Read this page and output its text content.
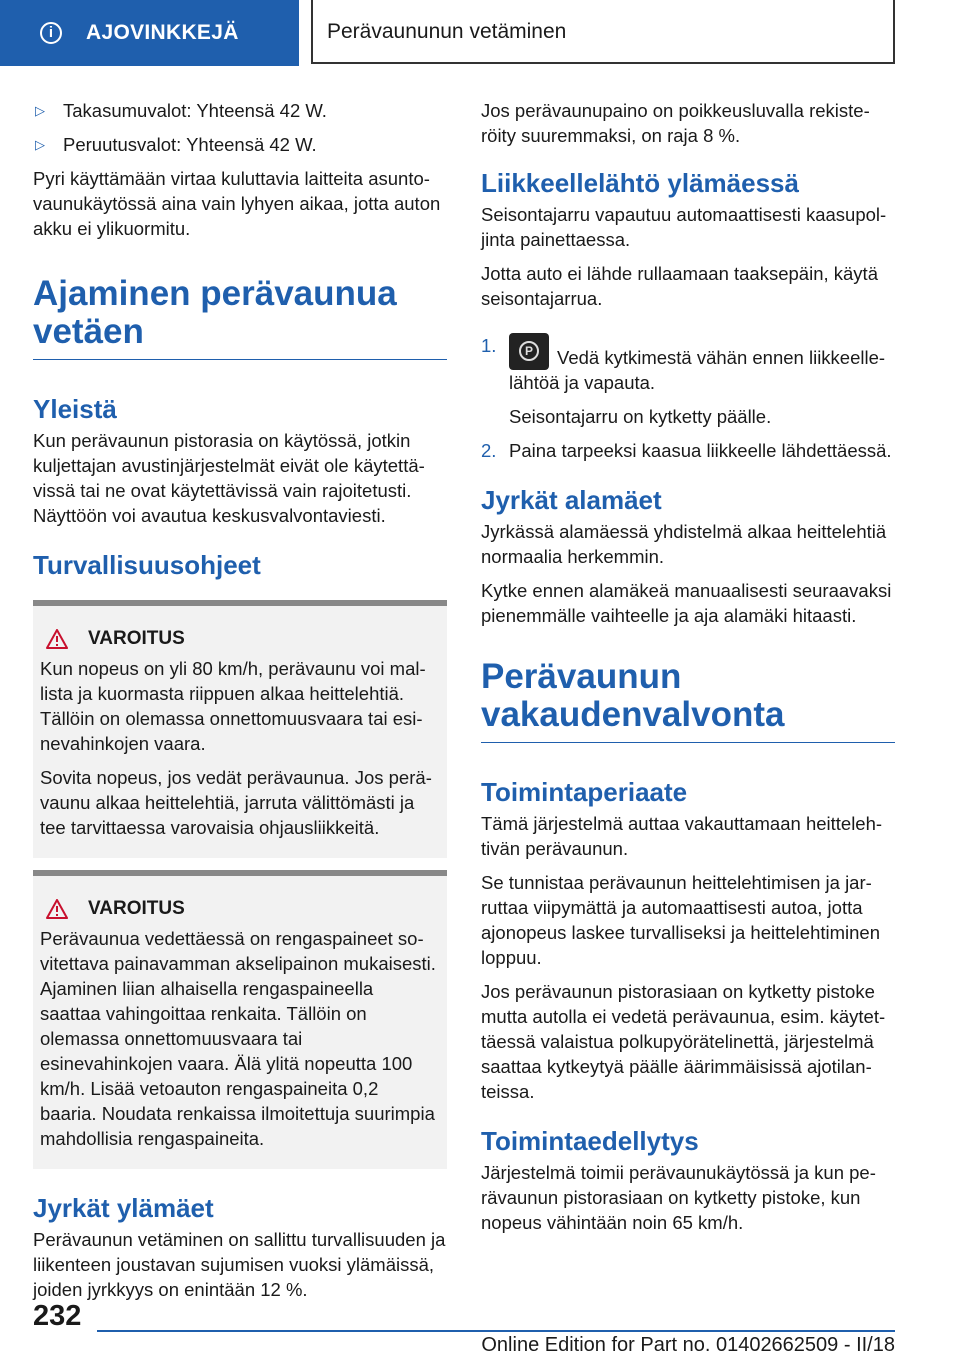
i	AJOVINKKEJÄ	Perävaununun vetäminen
▷ Takasumuvalot: Yhteensä 42 W.
▷ Peruutusvalot: Yhteensä 42 W.

Pyri käyttämään virtaa kuluttavia laitteita asuntovaunukäytössä aina vain lyhyen aikaa, jotta auton akku ei ylikuormitu.

Ajaminen perävaunua vetäen
Yleistä

Kun perävaunun pistorasia on käytössä, jotkin kuljettajan avustinjärjestelmät eivät ole käytettävissä tai ne ovat käytettävissä vain rajoitetusti. Näyttöön voi avautua keskusvalvontaviesti.

Turvallisuusohjeet
VAROITUS

Kun nopeus on yli 80 km/h, perävaunu voi mallista ja kuormasta riippuen alkaa heittelehtiä. Tällöin on olemassa onnettomuusvaara tai esinevahinkojen vaara.

Sovita nopeus, jos vedät perävaunua. Jos perävaunu alkaa heittelehtiä, jarruta välittömästi ja tee tarvittaessa varovaisia ohjausliikkeitä.

VAROITUS

Perävaunua vedettäessä on rengaspaineet sovitettava painavamman akselipainon mukaisesti. Ajaminen liian alhaisella rengaspaineella saattaa vahingoittaa renkaita. Tällöin on olemassa onnettomuusvaara tai esinevahinkojen vaara. Älä ylitä nopeutta 100 km/h. Lisää vetoauton rengaspaineita 0,2 baaria. Noudata renkaissa ilmoitettuja suurimpia mahdollisia rengaspaineita.

Jyrkät ylämäet

Perävaunun vetäminen on sallittu turvallisuuden ja liikenteen joustavan sujumisen vuoksi ylämäissä, joiden jyrkkyys on enintään 12 %.

Jos perävaunupaino on poikkeusluvalla rekisteröity suuremmaksi, on raja 8 %.

Liikkeellelähtö ylämäessä

Seisontajarru vapautuu automaattisesti kaasupoljinta painettaessa.

Jotta auto ei lähde rullaamaan taaksepäin, käytä seisontajarrua.

1.	P	Vedä kytkimestä vähän ennen liikkeellelähtöä ja vapauta.

Seisontajarru on kytketty päälle.

2. Paina tarpeeksi kaasua liikkeelle lähdettäessä.
Jyrkät alamäet

Jyrkässä alamäessä yhdistelmä alkaa heittelehtiä normaalia herkemmin.

Kytke ennen alamäkeä manuaalisesti seuraavaksi pienemmälle vaihteelle ja aja alamäki hitaasti.

Perävaunun vakaudenvalvonta
Toimintaperiaate

Tämä järjestelmä auttaa vakauttamaan heittelehtivän perävaunun.

Se tunnistaa perävaunun heittelehtimisen ja jarruttaa viipymättä ja automaattisesti autoa, jotta ajonopeus laskee turvalliseksi ja heittelehtiminen loppuu.

Jos perävaunun pistorasiaan on kytketty pistoke mutta autolla ei vedetä perävaunua, esim. käytettäessä valaistua polkupyörätelinettä, järjestelmä saattaa kytkeytyä päälle äärimmäisissä ajotilanteissa.

Toimintaedellytys

Järjestelmä toimii perävaunukäytössä ja kun perävaunun pistorasiaan on kytketty pistoke, kun nopeus vähintään noin 65 km/h.

232
Online Edition for Part no. 01402662509 - II/18
